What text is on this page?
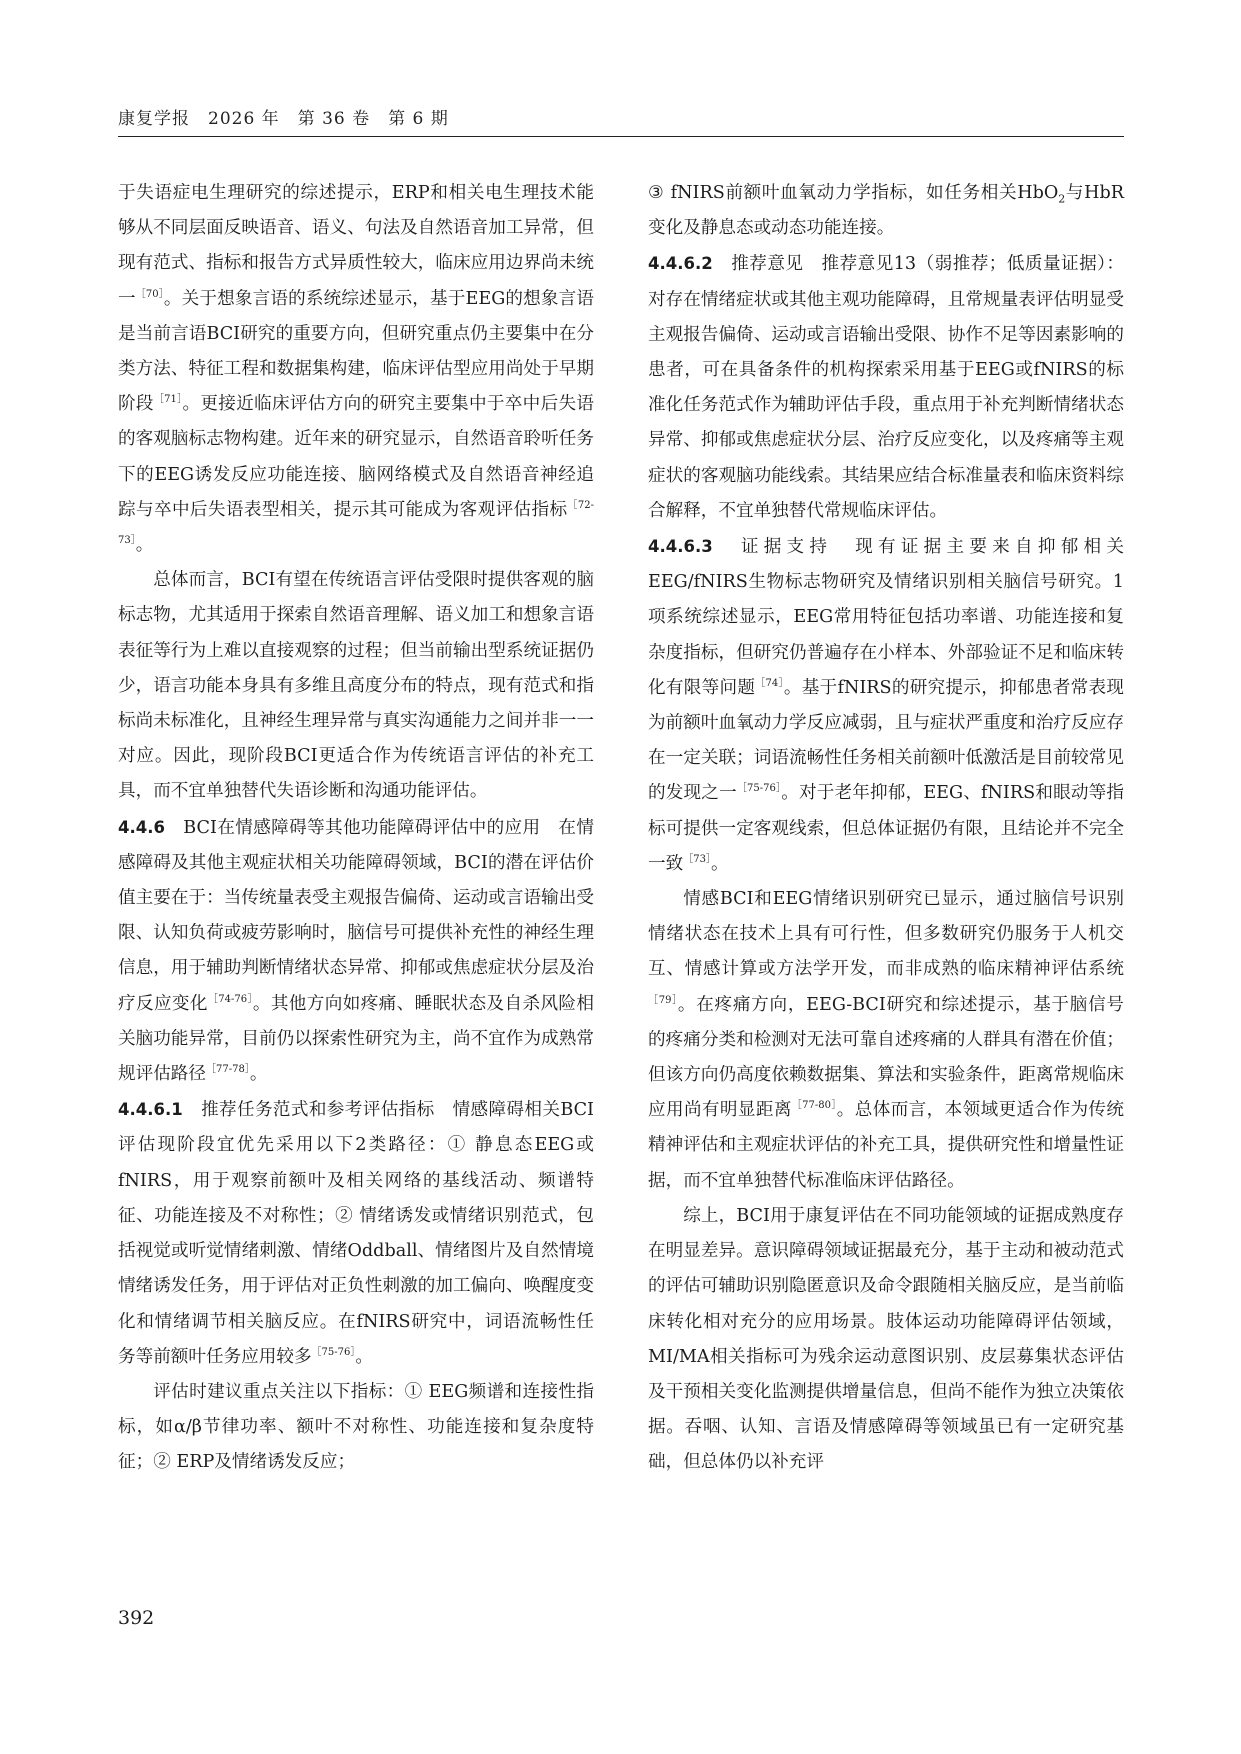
康复学报　2026 年　第 36 卷　第 6 期

于失语症电生理研究的综述提示，ERP和相关电生理技术能够从不同层面反映语音、语义、句法及自然语音加工异常，但现有范式、指标和报告方式异质性较大，临床应用边界尚未统一$^{[70]}$。关于想象言语的系统综述显示，基于EEG的想象言语是当前言语BCI研究的重要方向，但研究重点仍主要集中在分类方法、特征工程和数据集构建，临床评估型应用尚处于早期阶段$^{[71]}$。更接近临床评估方向的研究主要集中于卒中后失语的客观脑标志物构建。近年来的研究显示，自然语音聆听任务下的EEG诱发反应功能连接、脑网络模式及自然语音神经追踪与卒中后失语表型相关，提示其可能成为客观评估指标$^{[72-73]}$。

总体而言，BCI有望在传统语言评估受限时提供客观的脑标志物，尤其适用于探索自然语音理解、语义加工和想象言语表征等行为上难以直接观察的过程；但当前输出型系统证据仍少，语言功能本身具有多维且高度分布的特点，现有范式和指标尚未标准化，且神经生理异常与真实沟通能力之间并非一一对应。因此，现阶段BCI更适合作为传统语言评估的补充工具，而不宜单独替代失语诊断和沟通功能评估。

4.4.6　 BCI在情感障碍等其他功能障碍评估中的应用　 在情感障碍及其他主观症状相关功能障碍领域，BCI的潜在评估价值主要在于：当传统量表受主观报告偏倚、运动或言语输出受限、认知负荷或疲劳影响时，脑信号可提供补充性的神经生理信息，用于辅助判断情绪状态异常、抑郁或焦虑症状分层及治疗反应变化$^{[74-76]}$。其他方向如疼痛、睡眠状态及自杀风险相关脑功能异常，目前仍以探索性研究为主，尚不宜作为成熟常规评估路径$^{[77-78]}$。

4.4.6.1　 推荐任务范式和参考评估指标　 情感障碍相关BCI评估现阶段宜优先采用以下2类路径：① 静息态EEG或fNIRS，用于观察前额叶及相关网络的基线活动、频谱特征、功能连接及不对称性；② 情绪诱发或情绪识别范式，包括视觉或听觉情绪刺激、情绪Oddball、情绪图片及自然情境情绪诱发任务，用于评估对正负性刺激的加工偏向、唤醒度变化和情绪调节相关脑反应。在fNIRS研究中，词语流畅性任务等前额叶任务应用较多$^{[75-76]}$。

评估时建议重点关注以下指标：① EEG频谱和连接性指标，如α/β节律功率、额叶不对称性、功能连接和复杂度特征；② ERP及情绪诱发反应；

③ fNIRS前额叶血氧动力学指标，如任务相关HbO$_2$与HbR变化及静息态或动态功能连接。

4.4.6.2　 推荐意见　 推荐意见13（弱推荐；低质量证据）：对存在情绪症状或其他主观功能障碍，且常规量表评估明显受主观报告偏倚、运动或言语输出受限、协作不足等因素影响的患者，可在具备条件的机构探索采用基于EEG或fNIRS的标准化任务范式作为辅助评估手段，重点用于补充判断情绪状态异常、抑郁或焦虑症状分层、治疗反应变化，以及疼痛等主观症状的客观脑功能线索。其结果应结合标准量表和临床资料综合解释，不宜单独替代常规临床评估。

4.4.6.3　 证据支持　 现有证据主要来自抑郁相关EEG/fNIRS生物标志物研究及情绪识别相关脑信号研究。1项系统综述显示，EEG常用特征包括功率谱、功能连接和复杂度指标，但研究仍普遍存在小样本、外部验证不足和临床转化有限等问题$^{[74]}$。基于fNIRS的研究提示，抑郁患者常表现为前额叶血氧动力学反应减弱，且与症状严重度和治疗反应存在一定关联；词语流畅性任务相关前额叶低激活是目前较常见的发现之一$^{[75-76]}$。对于老年抑郁，EEG、fNIRS和眼动等指标可提供一定客观线索，但总体证据仍有限，且结论并不完全一致$^{[73]}$。

情感BCI和EEG情绪识别研究已显示，通过脑信号识别情绪状态在技术上具有可行性，但多数研究仍服务于人机交互、情感计算或方法学开发，而非成熟的临床精神评估系统$^{[79]}$。在疼痛方向，EEG-BCI研究和综述提示，基于脑信号的疼痛分类和检测对无法可靠自述疼痛的人群具有潜在价值；但该方向仍高度依赖数据集、算法和实验条件，距离常规临床应用尚有明显距离$^{[77-80]}$。总体而言，本领域更适合作为传统精神评估和主观症状评估的补充工具，提供研究性和增量性证据，而不宜单独替代标准临床评估路径。

综上，BCI用于康复评估在不同功能领域的证据成熟度存在明显差异。意识障碍领域证据最充分，基于主动和被动范式的评估可辅助识别隐匿意识及命令跟随相关脑反应，是当前临床转化相对充分的应用场景。肢体运动功能障碍评估领域，MI/MA相关指标可为残余运动意图识别、皮层募集状态评估及干预相关变化监测提供增量信息，但尚不能作为独立决策依据。吞咽、认知、言语及情感障碍等领域虽已有一定研究基础，但总体仍以补充评

392
